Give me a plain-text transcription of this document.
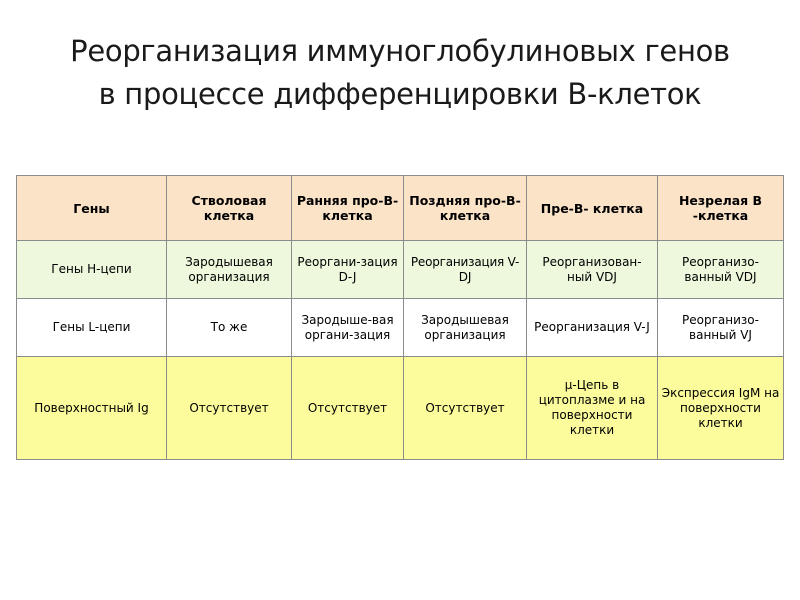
Реорганизация иммуноглобулиновых генов
в процессе дифференцировки В-клеток
Гены	Стволовая клетка	Ранняя про-В-клетка	Поздняя про-В-клетка	Пре-В- клетка	Незрелая В -клетка
Гены Н-цепи	Зародышевая организация	Реоргани-зация D-J	Реорганизация V-DJ	Реорганизован-ный VDJ	Реорганизо-ванный VDJ
Гены L-цепи	То же	Зародыше-вая органи-зация	Зародышевая организация	Реорганизация V-J	Реорганизо-ванный VJ
Поверхностный Ig	Отсутствует	Отсутствует	Отсутствует	μ-Цепь в цитоплазме и на поверхности клетки	Экспрессия IgM на поверхности клетки
